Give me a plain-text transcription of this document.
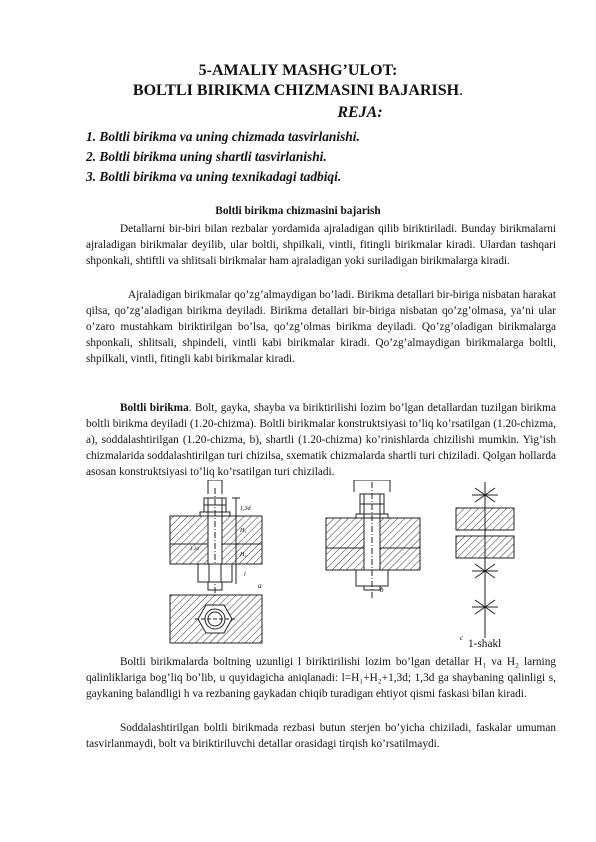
5-AMALIY MASHG’ULOT:
BOLTLI BIRIKMA CHIZMASINI BAJARISH.
REJA:
1. Boltli birikma va uning chizmada tasvirlanishi.
2. Boltli birikma uning shartli tasvirlanishi.
3. Boltli birikma va uning texnikadagi tadbiqi.
Boltli birikma chizmasini bajarish
Detallarni bir-biri bilan rezbalar yordamida ajraladigan qilib biriktiriladi. Bunday birikmalarni ajraladigan birikmalar deyilib, ular boltli, shpilkali, vintli, fitingli birikmalar kiradi. Ulardan tashqari shponkali, shtiftli va shlitsali birikmalar ham ajraladigan yoki suriladigan birikmalarga kiradi.
Ajraladigan birikmalar qo’zg’almaydigan bo’ladi. Birikma detallari bir-biriga nisbatan harakat qilsa, qo’zg’aladigan birikma deyiladi. Birikma detallari bir-biriga nisbatan qo’zg’olmasa, ya’ni ular o’zaro mustahkam biriktirilgan bo’lsa, qo’zg’olmas birikma deyiladi. Qo’zg’oladigan birikmalarga shponkali, shlitsali, shpindeli, vintli kabi birikmalar kiradi. Qo’zg’almaydigan birikmalarga boltli, shpilkali, vintli, fitingli kabi birikmalar kiradi.
Boltli birikma. Bolt, gayka, shayba va biriktirilishi lozim bo’lgan detallardan tuzilgan birikma boltli birikma deyiladi (1.20-chizma). Boltli birikmalar konstruktsiyasi to’liq ko’rsatilgan (1.20-chizma, a), soddalashtirilgan (1.20-chizma, b), shartli (1.20-chizma) ko’rinishlarda chizilishi mumkin. Yig’ish chizmalarida soddalashtirilgan turi chizilsa, sxematik chizmalarda shartli turi chiziladi. Qolgan hollarda asosan konstruktsiyasi to’liq ko’rsatilgan turi chiziladi.
1,3d
H₁
H₂
l
1,1d
a	b
c 1-shakl
Boltli birikmalarda boltning uzunligi l biriktirilishi lozim bo’lgan detallar H₁ va H₂ larning qalinliklariga bog’liq bo’lib, u quyidagicha aniqlanadi: l=H₁+H₂+1,3d; 1,3d ga shaybaning qalinligi s, gaykaning balandligi h va rezbaning gaykadan chiqib turadigan ehtiyot qismi faskasi bilan kiradi.
Soddalashtirilgan boltli birikmada rezbasi butun sterjen bo’yicha chiziladi, faskalar umuman tasvirlanmaydi, bolt va biriktiriluvchi detallar orasidagi tirqish ko’rsatilmaydi.
